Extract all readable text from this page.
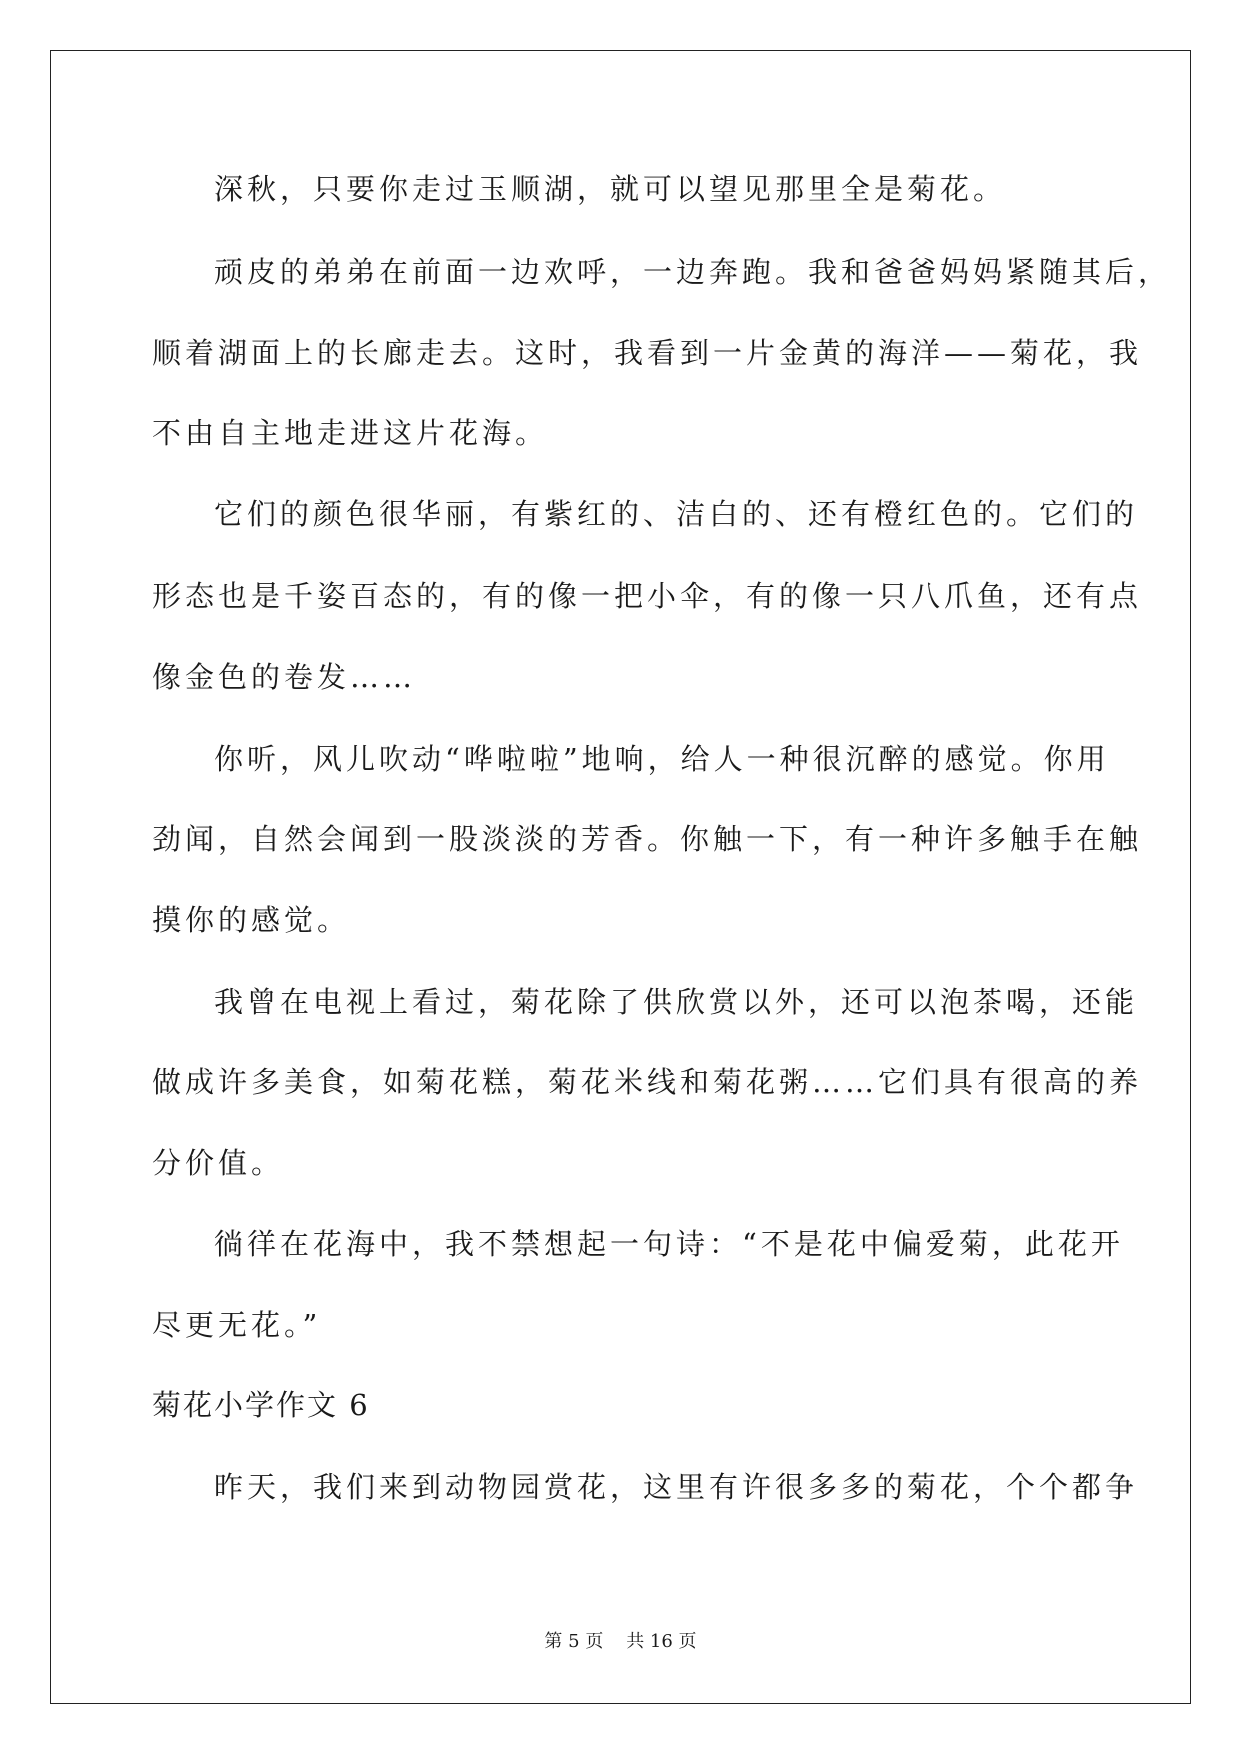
深秋，只要你走过玉顺湖，就可以望见那里全是菊花。
顽皮的弟弟在前面一边欢呼，一边奔跑。我和爸爸妈妈紧随其后，
顺着湖面上的长廊走去。这时，我看到一片金黄的海洋——菊花，我
不由自主地走进这片花海。
它们的颜色很华丽，有紫红的、洁白的、还有橙红色的。它们的
形态也是千姿百态的，有的像一把小伞，有的像一只八爪鱼，还有点
像金色的卷发……
你听，风儿吹动“哗啦啦”地响，给人一种很沉醉的感觉。你用
劲闻，自然会闻到一股淡淡的芳香。你触一下，有一种许多触手在触
摸你的感觉。
我曾在电视上看过，菊花除了供欣赏以外，还可以泡茶喝，还能
做成许多美食，如菊花糕，菊花米线和菊花粥……它们具有很高的养
分价值。
徜徉在花海中，我不禁想起一句诗：“不是花中偏爱菊，此花开
尽更无花。”
菊花小学作文 6
昨天，我们来到动物园赏花，这里有许很多多的菊花，个个都争
第 5 页    共 16 页
